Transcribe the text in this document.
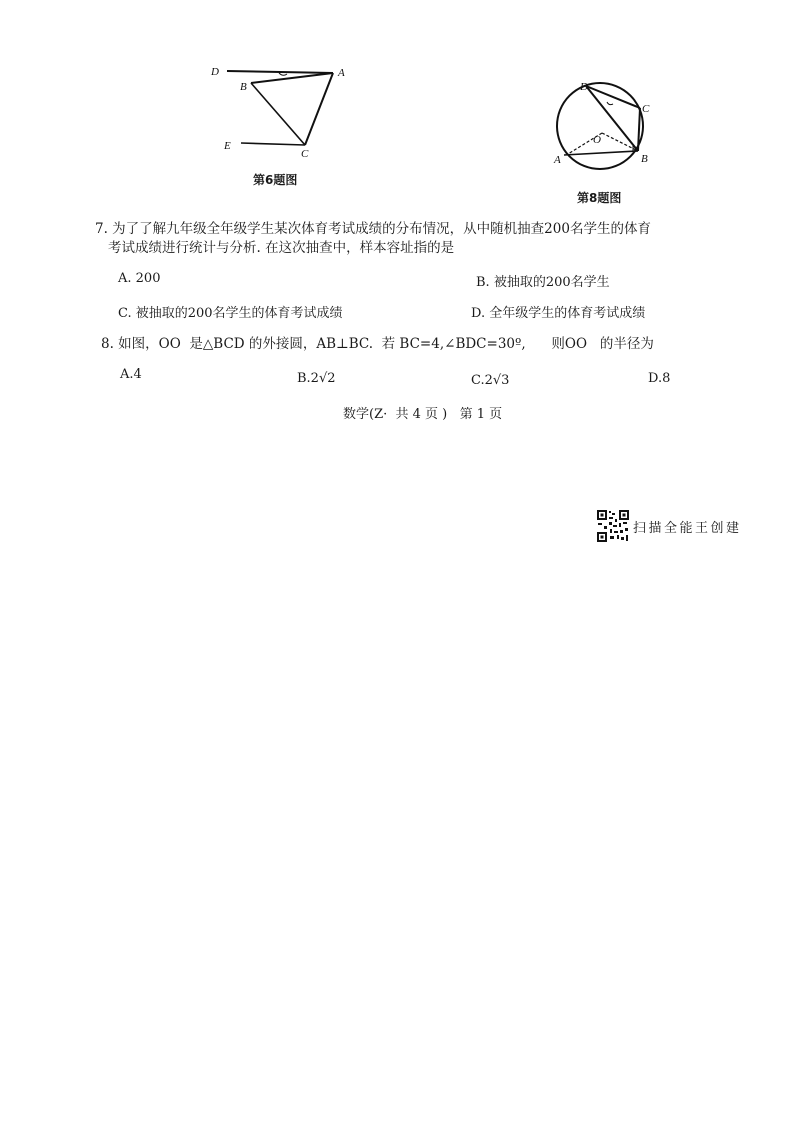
D	A
B
E
C
第6题图
D
C
O
A	B
第8题图
7. 为了了解九年级全年级学生某次体育考试成绩的分布情况，从中随机抽查200名学生的体育
考试成绩进行统计与分析. 在这次抽查中，样本容址指的是
A. 200	B. 被抽取的200名学生
C. 被抽取的200名学生的体育考试成绩	D. 全年级学生的体育考试成绩
8. 如图，OO  是△BCD 的外接圆，AB⊥BC.  若 BC=4,∠BDC=30º,      则OO   的半径为
A.4	B.2√2	C.2√3	D.8
数学(Z·  共 4 页 )   第 1 页
扫描全能王创建
